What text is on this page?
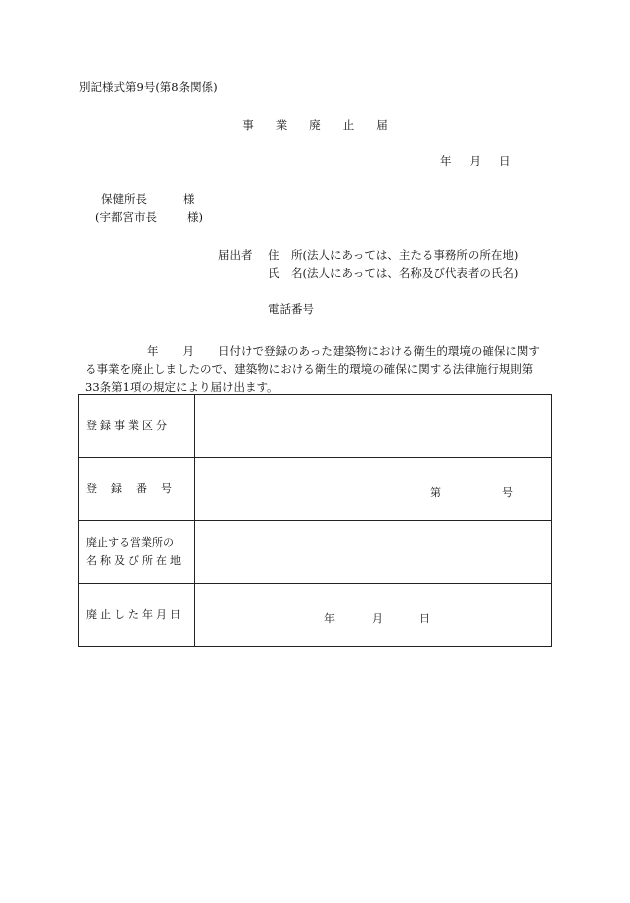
別記様式第9号(第8条関係)
事 業 廃 止 届
年 月 日
保健所長	様
(宇都宮市長	様)
届出者 住　所(法人にあっては、主たる事務所の所在地)
氏　名(法人にあっては、名称及び代表者の氏名)
電話番号
年 月 日付けで登録のあった建築物における衛生的環境の確保に関す
る事業を廃止しましたので、建築物における衛生的環境の確保に関する法律施行規則第
33条第1項の規定により届け出ます。
登録事業区分	
登 録 番 号	第 号

廃止する営業所の
名称及び所在地	
廃止した年月日	年 月 日
